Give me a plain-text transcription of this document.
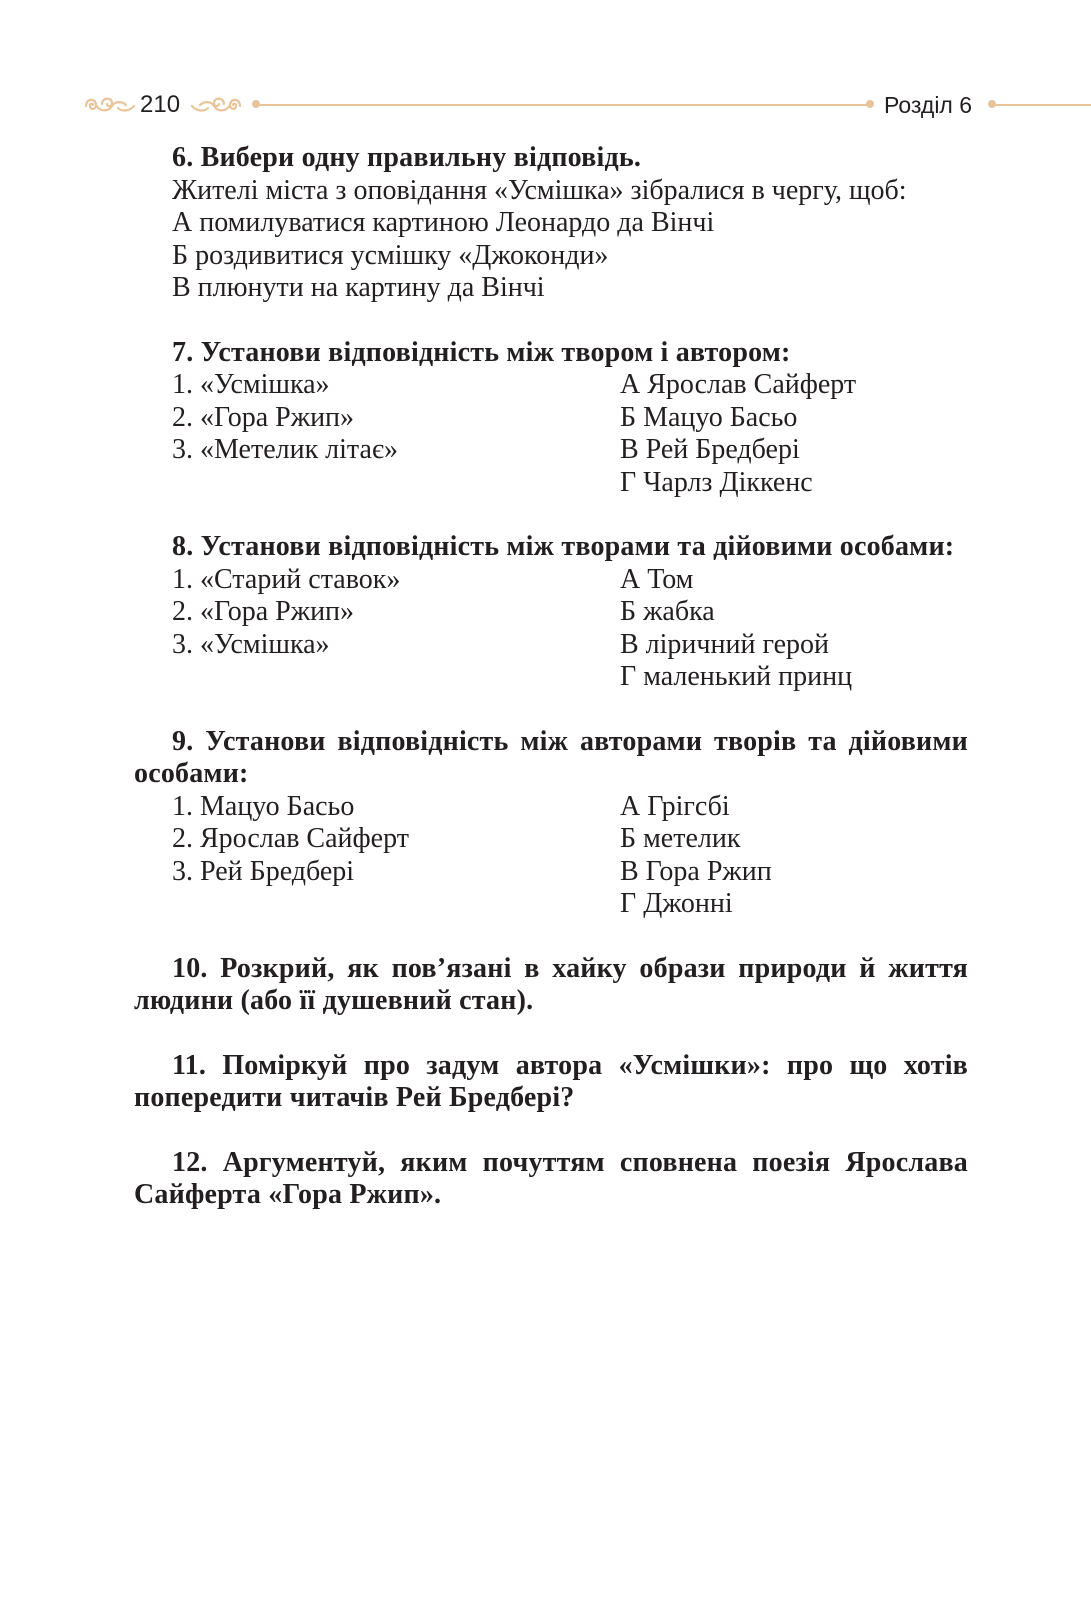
210	Розділ 6

6. Вибери одну правильну відповідь.

Жителі міста з оповідання «Усмішка» зібралися в чергу, щоб:

А помилуватися картиною Леонардо да Вінчі

Б роздивитися усмішку «Джоконди»

В плюнути на картину да Вінчі

7. Установи відповідність між твором і автором:

1. «Усмішка»	А Ярослав Сайферт
2. «Гора Ржип»	Б Мацуо Басьо
3. «Метелик літає»	В Рей Бредбері
Г Чарлз Діккенс

8. Установи відповідність між творами та дійовими особами:

1. «Старий ставок»	А Том
2. «Гора Ржип»	Б жабка
3. «Усмішка»	В ліричний герой
Г маленький принц

9. Установи відповідність між авторами творів та дійовими особами:

1. Мацуо Басьо	А Грігсбі
2. Ярослав Сайферт	Б метелик
3. Рей Бредбері	В Гора Ржип
Г Джонні

10. Розкрий, як пов’язані в хайку образи природи й життя людини (або її душевний стан).

11. Поміркуй про задум автора «Усмішки»: про що хотів попередити читачів Рей Бредбері?

12. Аргументуй, яким почуттям сповнена поезія Ярослава Сайферта «Гора Ржип».
